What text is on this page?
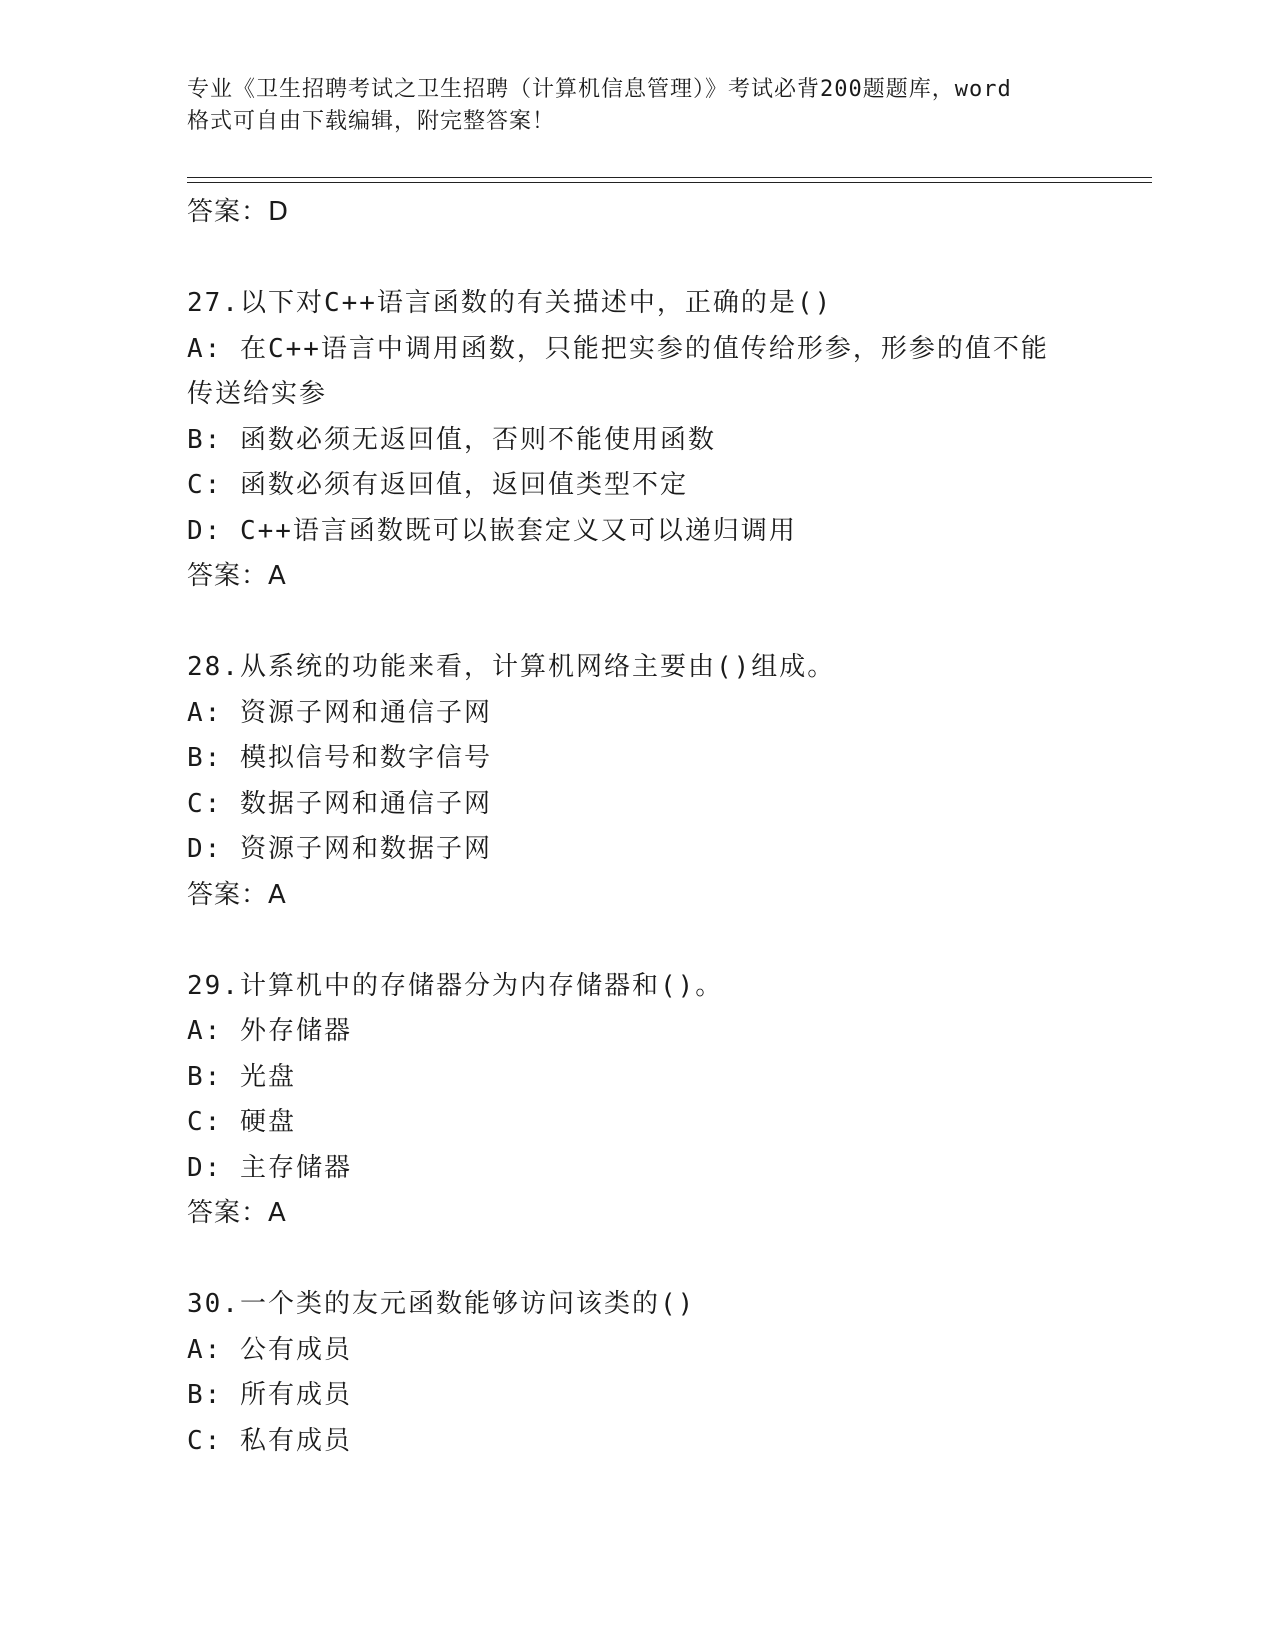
专业《卫生招聘考试之卫生招聘（计算机信息管理）》考试必背200题题库，word
格式可自由下载编辑，附完整答案！
答案：D
27.以下对C++语言函数的有关描述中，正确的是()
A: 在C++语言中调用函数，只能把实参的值传给形参，形参的值不能
传送给实参
B: 函数必须无返回值，否则不能使用函数
C: 函数必须有返回值，返回值类型不定
D: C++语言函数既可以嵌套定义又可以递归调用
答案：A
28.从系统的功能来看，计算机网络主要由()组成。
A: 资源子网和通信子网
B: 模拟信号和数字信号
C: 数据子网和通信子网
D: 资源子网和数据子网
答案：A
29.计算机中的存储器分为内存储器和()。
A: 外存储器
B: 光盘
C: 硬盘
D: 主存储器
答案：A
30.一个类的友元函数能够访问该类的()
A: 公有成员
B: 所有成员
C: 私有成员
